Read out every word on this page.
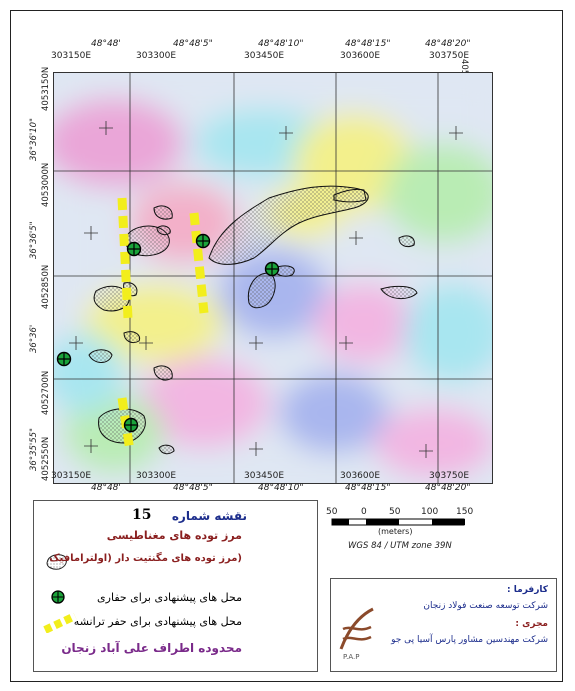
48°48'	48°48'5"	48°48'10"	48°48'15"	48°48'20"
303150E	303300E	303450E	303600E	303750E
4053150N
4053000N
4052850N
4052700N
4052550N
36°36'10"
36°36'5"
36°36'
36°35'55"
303150E	303300E	303450E	303600E	303750E
48°48'	48°48'5"	48°48'10"	48°48'15"	48°48'20"
نقشه شماره
15
مرز توده های مغناطیسی
(مرز توده های مگنتیت دار (اولترامافیک
محل های پیشنهادی برای حفاری
محل های پیشنهادی برای حفر ترانشه
محدوده اطراف علی آباد زنجان
50	0 50 100 150
(meters)
WGS 84 / UTM zone 39N
کارفرما :
شرکت توسعه صنعت فولاد زنجان
مجری :
شرکت مهندسین مشاور پارس آسیا پی جو
P.A.P
